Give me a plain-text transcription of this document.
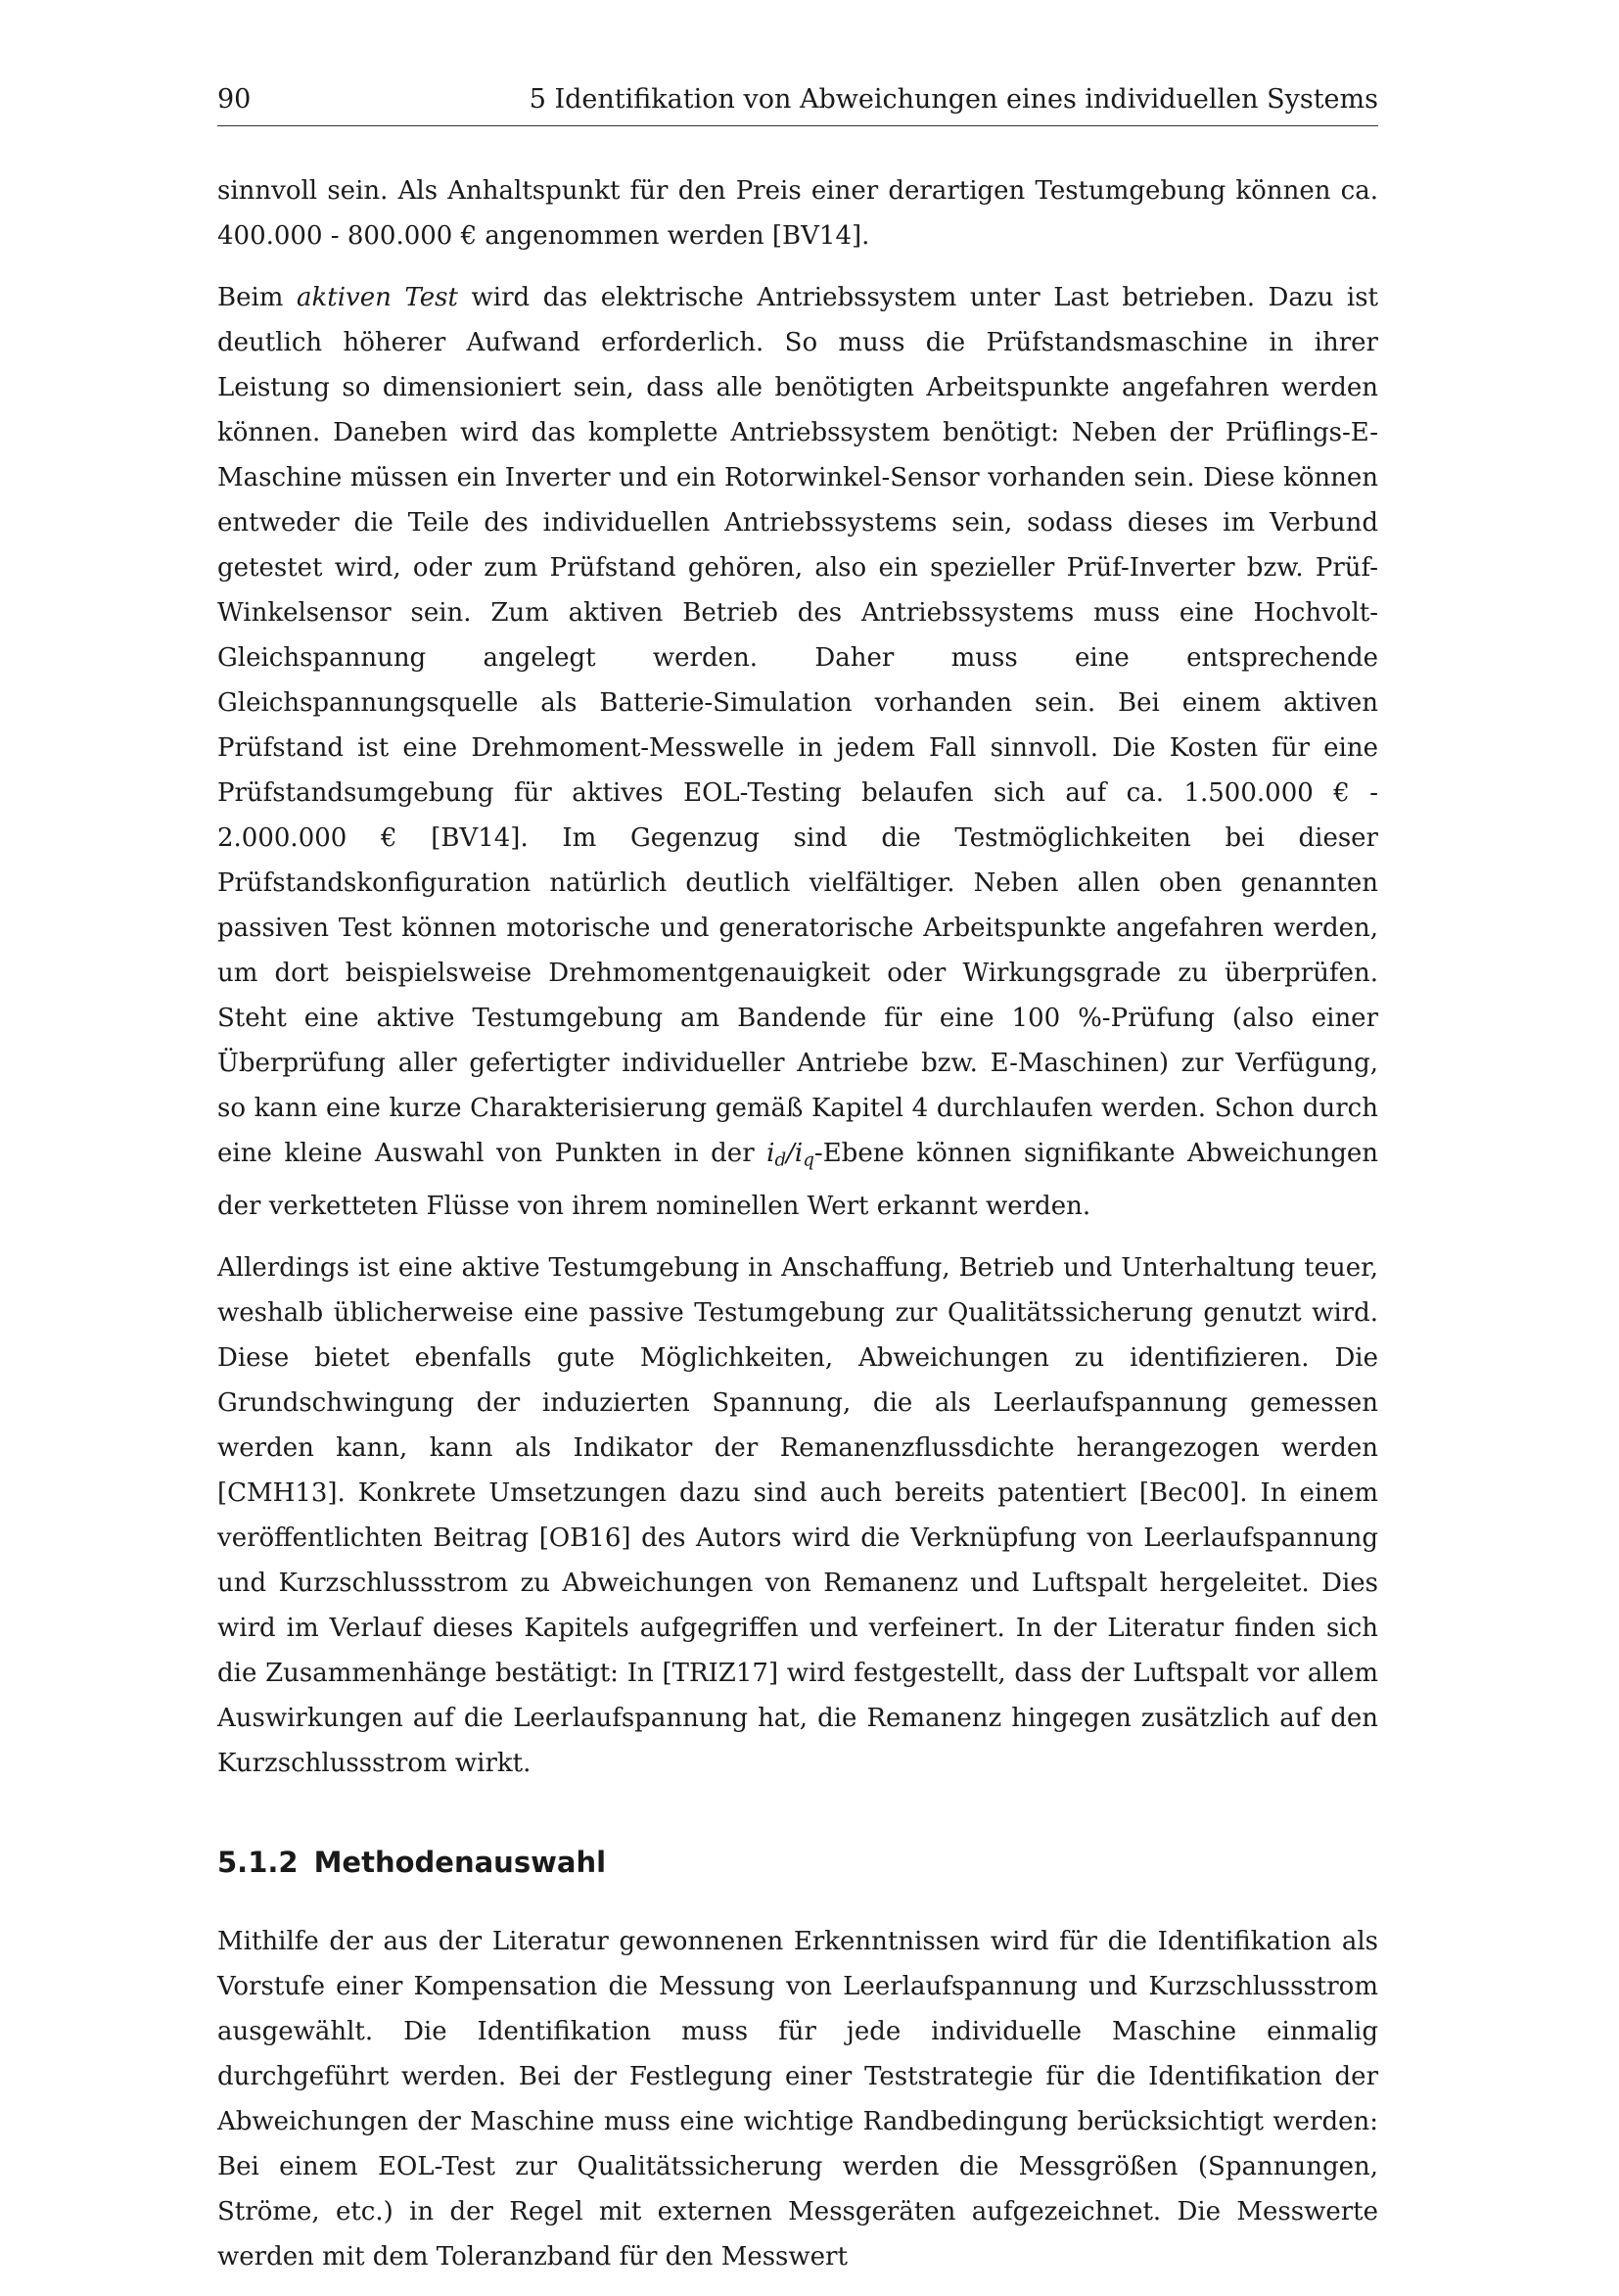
90	5 Identifikation von Abweichungen eines individuellen Systems

sinnvoll sein. Als Anhaltspunkt für den Preis einer derartigen Testumgebung können ca. 400.000 - 800.000 € angenommen werden [BV14].

Beim aktiven Test wird das elektrische Antriebssystem unter Last betrieben. Dazu ist deutlich höherer Aufwand erforderlich. So muss die Prüfstandsmaschine in ihrer Leistung so dimensioniert sein, dass alle benötigten Arbeitspunkte angefahren werden können. Daneben wird das komplette Antriebssystem benötigt: Neben der Prüflings-E-Maschine müssen ein Inverter und ein Rotorwinkel-Sensor vorhanden sein. Diese können entweder die Teile des individuellen Antriebssystems sein, sodass dieses im Verbund getestet wird, oder zum Prüfstand gehören, also ein spezieller Prüf-Inverter bzw. Prüf-Winkelsensor sein. Zum aktiven Betrieb des Antriebssystems muss eine Hochvolt-Gleichspannung angelegt werden. Daher muss eine entsprechende Gleichspannungsquelle als Batterie-Simulation vorhanden sein. Bei einem aktiven Prüfstand ist eine Drehmoment-Messwelle in jedem Fall sinnvoll. Die Kosten für eine Prüfstandsumgebung für aktives EOL-Testing belaufen sich auf ca. 1.500.000 € - 2.000.000 € [BV14]. Im Gegenzug sind die Testmöglichkeiten bei dieser Prüfstandskonfiguration natürlich deutlich vielfältiger. Neben allen oben genannten passiven Test können motorische und generatorische Arbeitspunkte angefahren werden, um dort beispielsweise Drehmomentgenauigkeit oder Wirkungsgrade zu überprüfen. Steht eine aktive Testumgebung am Bandende für eine 100 %-Prüfung (also einer Überprüfung aller gefertigter individueller Antriebe bzw. E-Maschinen) zur Verfügung, so kann eine kurze Charakterisierung gemäß Kapitel 4 durchlaufen werden. Schon durch eine kleine Auswahl von Punkten in der $i_d/i_q$-Ebene können signifikante Abweichungen der verketteten Flüsse von ihrem nominellen Wert erkannt werden.

Allerdings ist eine aktive Testumgebung in Anschaffung, Betrieb und Unterhaltung teuer, weshalb üblicherweise eine passive Testumgebung zur Qualitätssicherung genutzt wird. Diese bietet ebenfalls gute Möglichkeiten, Abweichungen zu identifizieren. Die Grundschwingung der induzierten Spannung, die als Leerlaufspannung gemessen werden kann, kann als Indikator der Remanenzflussdichte herangezogen werden [CMH13]. Konkrete Umsetzungen dazu sind auch bereits patentiert [Bec00]. In einem veröffentlichten Beitrag [OB16] des Autors wird die Verknüpfung von Leerlaufspannung und Kurzschlussstrom zu Abweichungen von Remanenz und Luftspalt hergeleitet. Dies wird im Verlauf dieses Kapitels aufgegriffen und verfeinert. In der Literatur finden sich die Zusammenhänge bestätigt: In [TRIZ17] wird festgestellt, dass der Luftspalt vor allem Auswirkungen auf die Leerlaufspannung hat, die Remanenz hingegen zusätzlich auf den Kurzschlussstrom wirkt.

5.1.2 Methodenauswahl

Mithilfe der aus der Literatur gewonnenen Erkenntnissen wird für die Identifikation als Vorstufe einer Kompensation die Messung von Leerlaufspannung und Kurzschlussstrom ausgewählt. Die Identifikation muss für jede individuelle Maschine einmalig durchgeführt werden. Bei der Festlegung einer Teststrategie für die Identifikation der Abweichungen der Maschine muss eine wichtige Randbedingung berücksichtigt werden: Bei einem EOL-Test zur Qualitätssicherung werden die Messgrößen (Spannungen, Ströme, etc.) in der Regel mit externen Messgeräten aufgezeichnet. Die Messwerte werden mit dem Toleranzband für den Messwert
